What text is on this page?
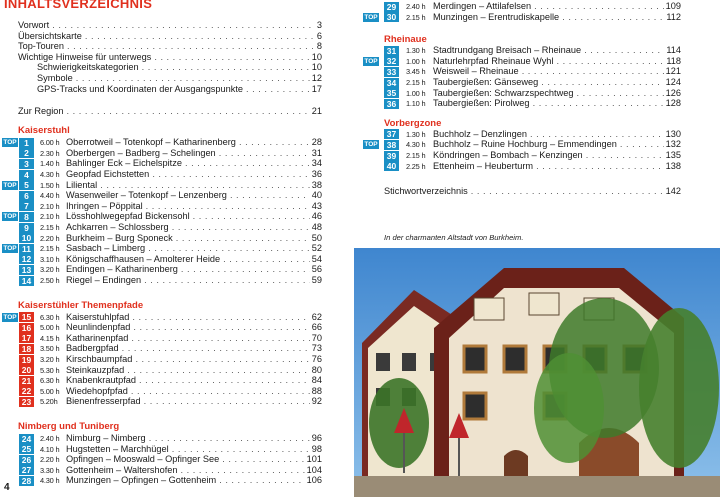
INHALTSVERZEICHNIS
Vorwort . . .	3
Übersichtskarte . . .	6
Top-Touren . . .	8
Wichtige Hinweise für unterwegs . . .	10
Schwierigkeitskategorien . . .	10
Symbole . . .	12
GPS-Tracks und Koordinaten der Ausgangspunkte . . .	17
Zur Region . . .	21
Kaiserstuhl
TOP 1	6.00 h Oberrotweil – Totenkopf – Katharinenberg . . .	28
2	2.30 h Oberbergen – Badberg – Schelingen . . .	31
3	1.40 h Bahlinger Eck – Eichelspitze . . .	34
4	4.30 h Geopfad Eichstetten . . .	36
TOP 5	1.50 h Liliental . . .	38
6	4.40 h Wasenweiler – Totenkopf – Lenzenberg . . .	40
7	2.10 h Ihringen – Pöppital . . .	43
TOP 8	2.10 h Lösshohlwegepfad Bickensohl . . .	46
9	2.15 h Achkarren – Schlossberg . . .	48
10	2.20 h Burkheim – Burg Sponeck . . .	50
TOP 11	2.15 h Sasbach – Limberg . . .	52
12	3.10 h Königschaffhausen – Amolterer Heide . . .	54
13	3.20 h Endingen – Katharinenberg . . .	56
14	2.50 h Riegel – Endingen . . .	59
Kaiserstühler Themenpfade
TOP 15	6.30 h Kaiserstuhlpfad . . .	62
16	5.00 h Neunlindenpfad . . .	66
17	4.15 h Katharinenpfad . . .	70
18	3.50 h Badbergpfad . . .	73
19	3.20 h Kirschbaumpfad . . .	76
20	5.30 h Steinkauzpfad . . .	80
21	6.30 h Knabenkrautpfad . . .	84
22	5.00 h Wiedehopfpfad . . .	88
23	5.20h Bienenfresserpfad . . .	92
Nimberg und Tuniberg
24	2.40 h Nimburg – Nimberg . . .	96
25	4.10 h Hugstetten – Marchhügel . . .	98
26	2.20 h Opfingen – Mooswald – Opfinger See . . .	101
27	3.30 h Gottenheim – Waltershofen . . .	104
28	4.30 h Munzingen – Opfingen – Gottenheim . . .	106
4
29	2.40 h Merdingen – Attilafelsen . . .	109
TOP	30	2.15 h Munzingen – Erentrudiskapelle . . .	112
Rheinaue
31	1.30 h Stadtrundgang Breisach – Rheinaue . . .	114
TOP	32	1.00 h Naturlehrpfad Rheinaue Wyhl . . .	118
33	3.45 h Weisweil – Rheinaue . . .	121
34	2.15 h Taubergießen: Gänseweg . . .	124
35	1.00 h Taubergießen: Schwarzspechtweg . . .	126
36	1.10 h Taubergießen: Pirolweg . . .	128
Vorbergzone
37	1.30 h Buchholz – Denzlingen . . .	130
TOP	38	4.30 h Buchholz – Ruine Hochburg – Emmendingen . . .	132
39	2.15 h Köndringen – Bombach – Kenzingen . . .	135
40	2.25 h Ettenheim – Heuberturm . . .	138
Stichwortverzeichnis . . .	142
In der charmanten Altstadt von Burkheim.
